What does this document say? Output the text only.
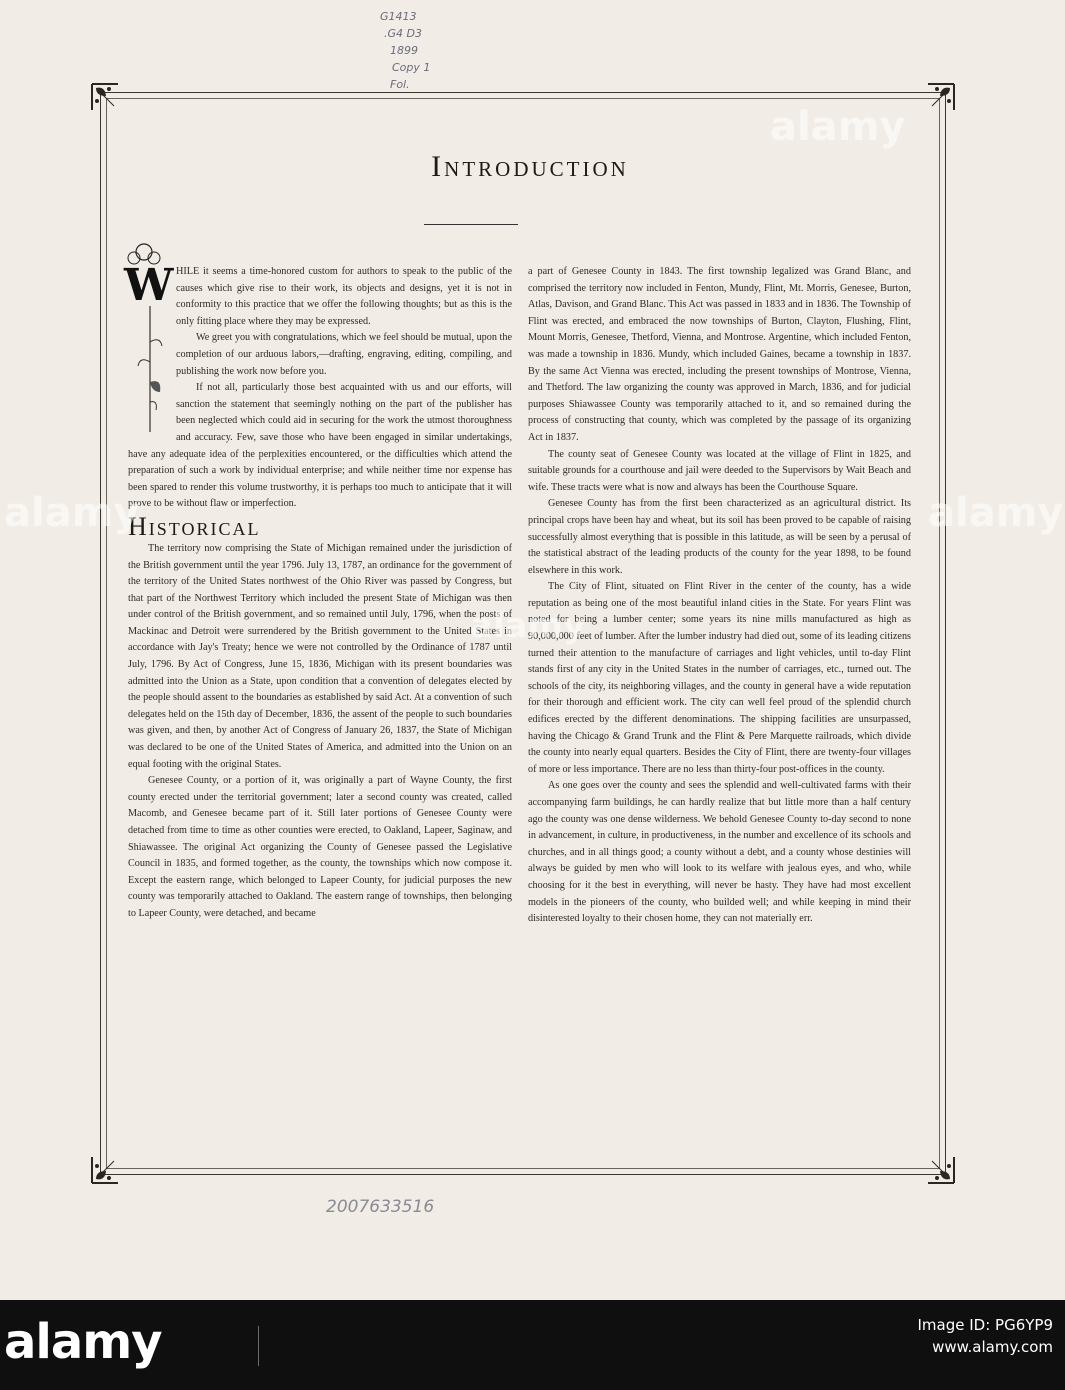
G1413
.G4 D3
1899
Copy 1
Fol.
Introduction
W HILE it seems a time-honored custom for authors to speak to the public of the causes which give rise to their work, its objects and designs, yet it is not in conformity to this practice that we offer the following thoughts; but as this is the only fitting place where they may be expressed.

We greet you with congratulations, which we feel should be mutual, upon the completion of our arduous labors,—drafting, engraving, editing, compiling, and publishing the work now before you.

If not all, particularly those best acquainted with us and our efforts, will sanction the statement that seemingly nothing on the part of the publisher has been neglected which could aid in securing for the work the utmost thoroughness and accuracy. Few, save those who have been engaged in similar undertakings, have any adequate idea of the perplexities encountered, or the difficulties which attend the preparation of such a work by individual enterprise; and while neither time nor expense has been spared to render this volume trustworthy, it is perhaps too much to anticipate that it will prove to be without flaw or imperfection.

Historical

The territory now comprising the State of Michigan remained under the jurisdiction of the British government until the year 1796. July 13, 1787, an ordinance for the government of the territory of the United States northwest of the Ohio River was passed by Congress, but that part of the Northwest Territory which included the present State of Michigan was then under control of the British government, and so remained until July, 1796, when the posts of Mackinac and Detroit were surrendered by the British government to the United States in accordance with Jay's Treaty; hence we were not controlled by the Ordinance of 1787 until July, 1796. By Act of Congress, June 15, 1836, Michigan with its present boundaries was admitted into the Union as a State, upon condition that a convention of delegates elected by the people should assent to the boundaries as established by said Act. At a convention of such delegates held on the 15th day of December, 1836, the assent of the people to such boundaries was given, and then, by another Act of Congress of January 26, 1837, the State of Michigan was declared to be one of the United States of America, and admitted into the Union on an equal footing with the original States.

Genesee County, or a portion of it, was originally a part of Wayne County, the first county erected under the territorial government; later a second county was created, called Macomb, and Genesee became part of it. Still later portions of Genesee County were detached from time to time as other counties were erected, to Oakland, Lapeer, Saginaw, and Shiawassee. The original Act organizing the County of Genesee passed the Legislative Council in 1835, and formed together, as the county, the townships which now compose it. Except the eastern range, which belonged to Lapeer County, for judicial purposes the new county was temporarily attached to Oakland. The eastern range of townships, then belonging to Lapeer County, were detached, and became

a part of Genesee County in 1843. The first township legalized was Grand Blanc, and comprised the territory now included in Fenton, Mundy, Flint, Mt. Morris, Genesee, Burton, Atlas, Davison, and Grand Blanc. This Act was passed in 1833 and in 1836. The Township of Flint was erected, and embraced the now townships of Burton, Clayton, Flushing, Flint, Mount Morris, Genesee, Thetford, Vienna, and Montrose. Argentine, which included Fenton, was made a township in 1836. Mundy, which included Gaines, became a township in 1837. By the same Act Vienna was erected, including the present townships of Montrose, Vienna, and Thetford. The law organizing the county was approved in March, 1836, and for judicial purposes Shiawassee County was temporarily attached to it, and so remained during the process of constructing that county, which was completed by the passage of its organizing Act in 1837.

The county seat of Genesee County was located at the village of Flint in 1825, and suitable grounds for a courthouse and jail were deeded to the Supervisors by Wait Beach and wife. These tracts were what is now and always has been the Courthouse Square.

Genesee County has from the first been characterized as an agricultural district. Its principal crops have been hay and wheat, but its soil has been proved to be capable of raising successfully almost everything that is possible in this latitude, as will be seen by a perusal of the statistical abstract of the leading products of the county for the year 1898, to be found elsewhere in this work.

The City of Flint, situated on Flint River in the center of the county, has a wide reputation as being one of the most beautiful inland cities in the State. For years Flint was noted for being a lumber center; some years its nine mills manufactured as high as 90,000,000 feet of lumber. After the lumber industry had died out, some of its leading citizens turned their attention to the manufacture of carriages and light vehicles, until to-day Flint stands first of any city in the United States in the number of carriages, etc., turned out. The schools of the city, its neighboring villages, and the county in general have a wide reputation for their thorough and efficient work. The city can well feel proud of the splendid church edifices erected by the different denominations. The shipping facilities are unsurpassed, having the Chicago & Grand Trunk and the Flint & Pere Marquette railroads, which divide the county into nearly equal quarters. Besides the City of Flint, there are twenty-four villages of more or less importance. There are no less than thirty-four post-offices in the county.

As one goes over the county and sees the splendid and well-cultivated farms with their accompanying farm buildings, he can hardly realize that but little more than a half century ago the county was one dense wilderness. We behold Genesee County to-day second to none in advancement, in culture, in productiveness, in the number and excellence of its schools and churches, and in all things good; a county without a debt, and a county whose destinies will always be guided by men who will look to its welfare with jealous eyes, and who, while choosing for it the best in everything, will never be hasty. They have had most excellent models in the pioneers of the county, who builded well; and while keeping in mind their disinterested loyalty to their chosen home, they can not materially err.

2007633516
alamy
alamy
alamy	alamy
alamy	Image ID: PG6YP9
www.alamy.com
